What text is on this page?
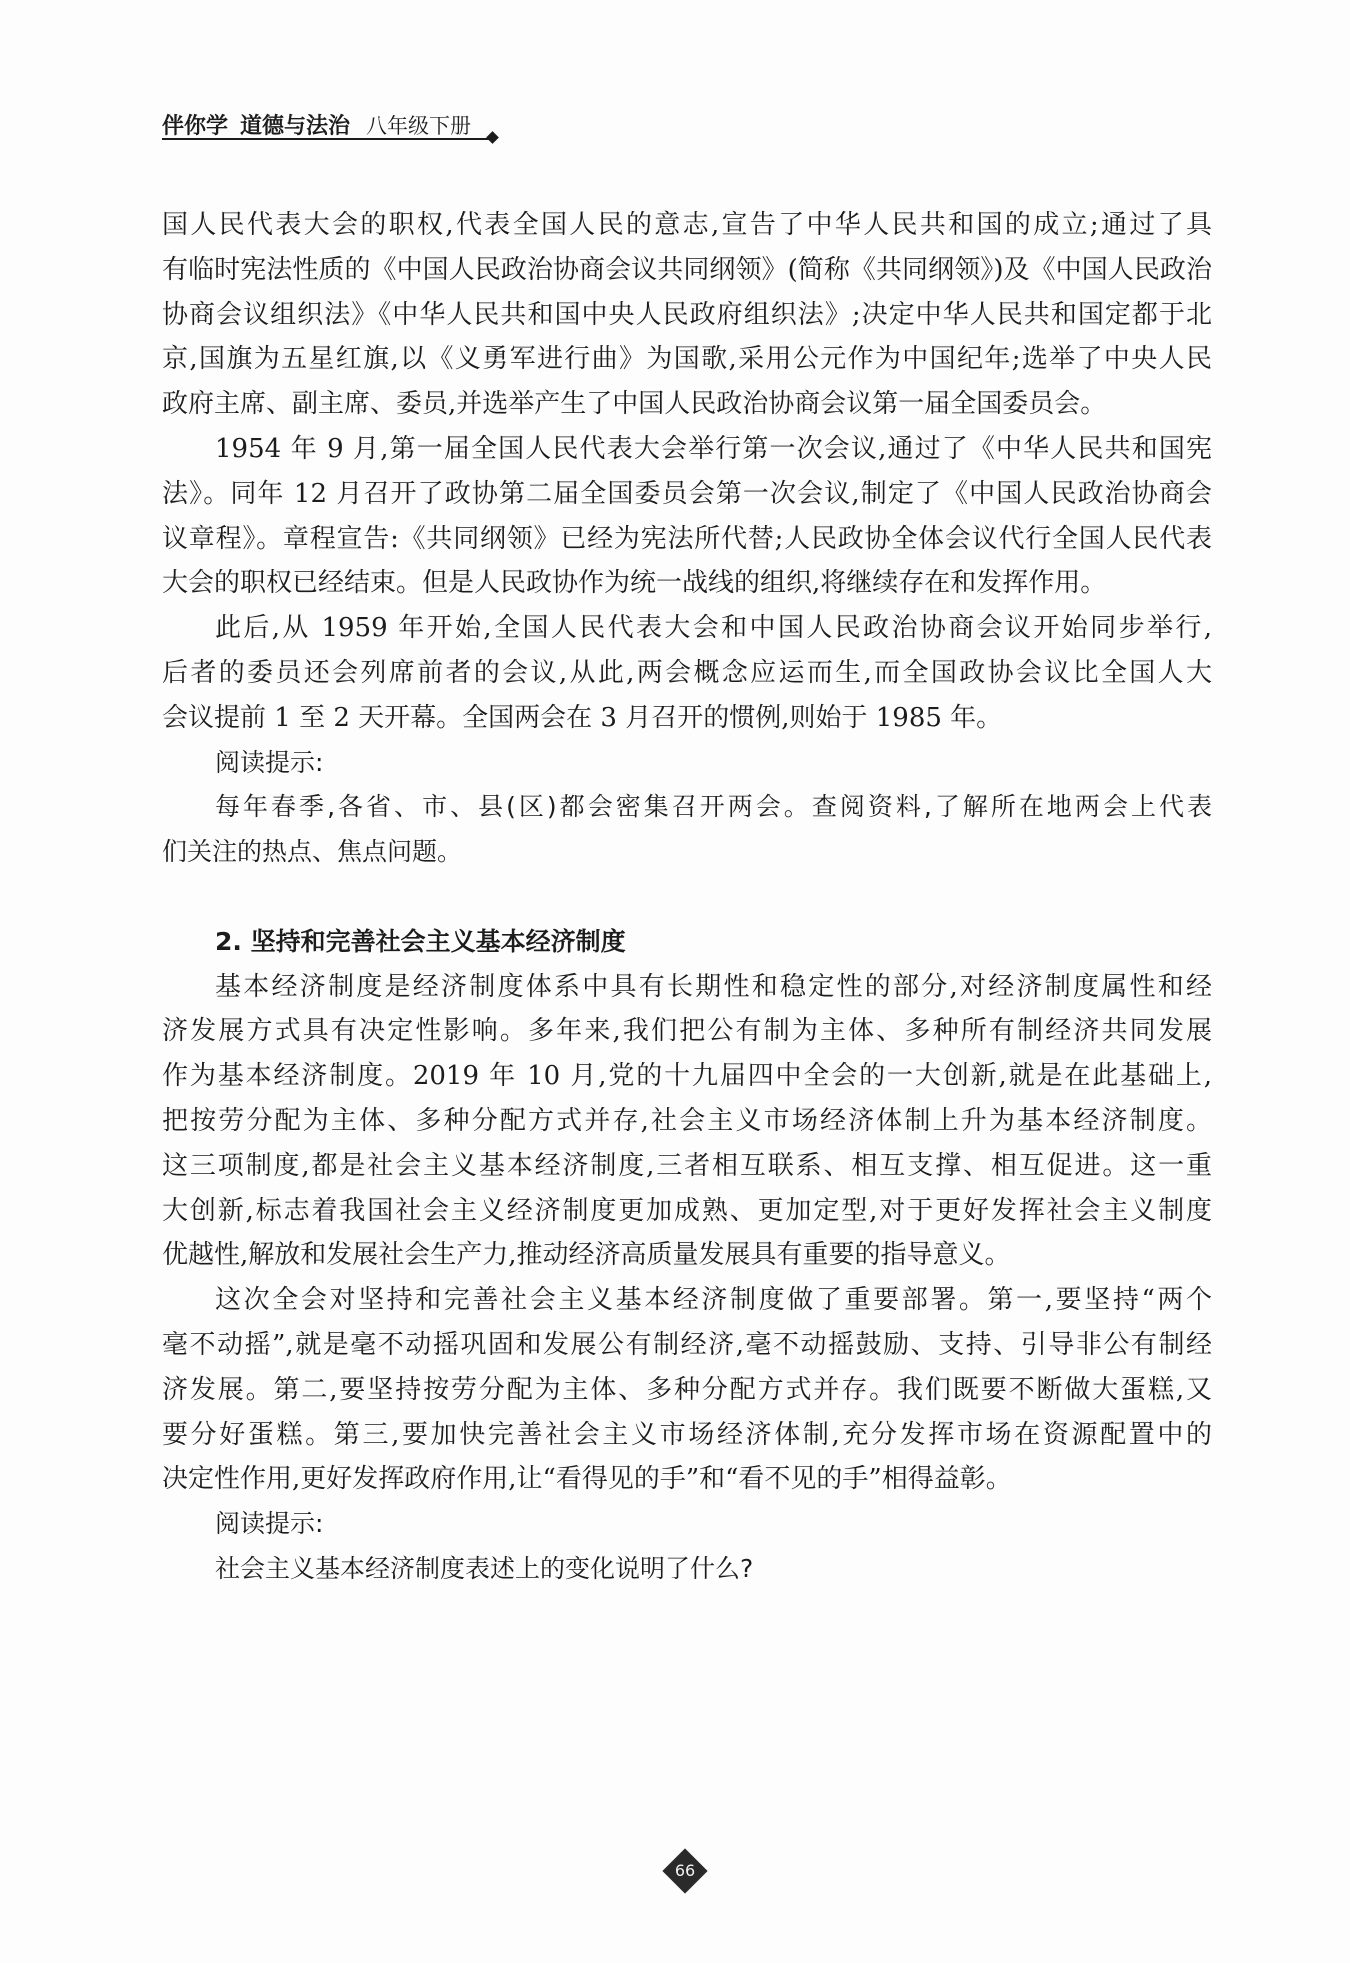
伴你学 道德与法治 八年级下册
国人民代表大会的职权,代表全国人民的意志,宣告了中华人民共和国的成立;通过了具
有临时宪法性质的《中国人民政治协商会议共同纲领》(简称《共同纲领》)及《中国人民政治
协商会议组织法》《中华人民共和国中央人民政府组织法》;决定中华人民共和国定都于北
京,国旗为五星红旗,以《义勇军进行曲》为国歌,采用公元作为中国纪年;选举了中央人民
政府主席、副主席、委员,并选举产生了中国人民政治协商会议第一届全国委员会。
1954 年 9 月,第一届全国人民代表大会举行第一次会议,通过了《中华人民共和国宪
法》。同年 12 月召开了政协第二届全国委员会第一次会议,制定了《中国人民政治协商会
议章程》。章程宣告:《共同纲领》已经为宪法所代替;人民政协全体会议代行全国人民代表
大会的职权已经结束。但是人民政协作为统一战线的组织,将继续存在和发挥作用。
此后,从 1959 年开始,全国人民代表大会和中国人民政治协商会议开始同步举行,
后者的委员还会列席前者的会议,从此,两会概念应运而生,而全国政协会议比全国人大
会议提前 1 至 2 天开幕。全国两会在 3 月召开的惯例,则始于 1985 年。
阅读提示:
每年春季,各省、市、县(区)都会密集召开两会。查阅资料,了解所在地两会上代表
们关注的热点、焦点问题。
2. 坚持和完善社会主义基本经济制度
基本经济制度是经济制度体系中具有长期性和稳定性的部分,对经济制度属性和经
济发展方式具有决定性影响。多年来,我们把公有制为主体、多种所有制经济共同发展
作为基本经济制度。2019 年 10 月,党的十九届四中全会的一大创新,就是在此基础上,
把按劳分配为主体、多种分配方式并存,社会主义市场经济体制上升为基本经济制度。
这三项制度,都是社会主义基本经济制度,三者相互联系、相互支撑、相互促进。这一重
大创新,标志着我国社会主义经济制度更加成熟、更加定型,对于更好发挥社会主义制度
优越性,解放和发展社会生产力,推动经济高质量发展具有重要的指导意义。
这次全会对坚持和完善社会主义基本经济制度做了重要部署。第一,要坚持“两个
毫不动摇”,就是毫不动摇巩固和发展公有制经济,毫不动摇鼓励、支持、引导非公有制经
济发展。第二,要坚持按劳分配为主体、多种分配方式并存。我们既要不断做大蛋糕,又
要分好蛋糕。第三,要加快完善社会主义市场经济体制,充分发挥市场在资源配置中的
决定性作用,更好发挥政府作用,让“看得见的手”和“看不见的手”相得益彰。
阅读提示:
社会主义基本经济制度表述上的变化说明了什么?
66
